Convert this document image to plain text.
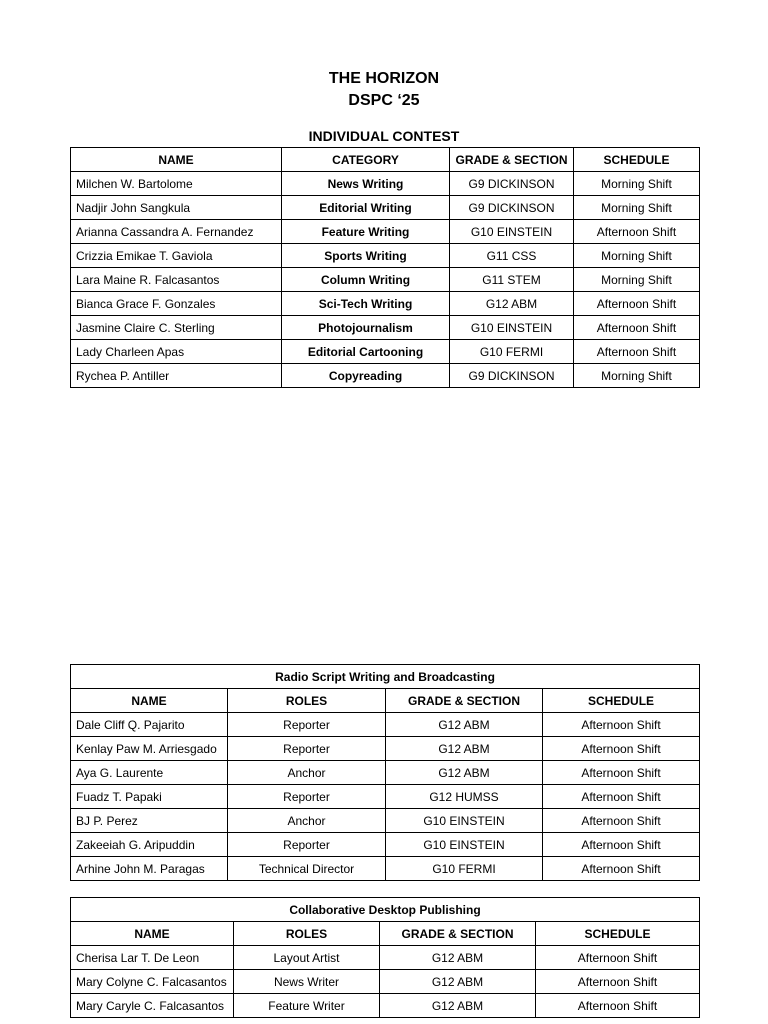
THE HORIZON
DSPC ‘25
INDIVIDUAL CONTEST
NAME	CATEGORY	GRADE & SECTION	SCHEDULE
Milchen W. Bartolome	News Writing	G9 DICKINSON	Morning Shift
Nadjir John Sangkula	Editorial Writing	G9 DICKINSON	Morning Shift
Arianna Cassandra A. Fernandez	Feature Writing	G10 EINSTEIN	Afternoon Shift
Crizzia Emikae T. Gaviola	Sports Writing	G11 CSS	Morning Shift
Lara Maine R. Falcasantos	Column Writing	G11 STEM	Morning Shift
Bianca Grace F. Gonzales	Sci-Tech Writing	G12 ABM	Afternoon Shift
Jasmine Claire C. Sterling	Photojournalism	G10 EINSTEIN	Afternoon Shift
Lady Charleen Apas	Editorial Cartooning	G10 FERMI	Afternoon Shift
Rychea P. Antiller	Copyreading	G9 DICKINSON	Morning Shift
Radio Script Writing and Broadcasting			
NAME	ROLES	GRADE & SECTION	SCHEDULE
Dale Cliff Q. Pajarito	Reporter	G12 ABM	Afternoon Shift
Kenlay Paw M. Arriesgado	Reporter	G12 ABM	Afternoon Shift
Aya G. Laurente	Anchor	G12 ABM	Afternoon Shift
Fuadz T. Papaki	Reporter	G12 HUMSS	Afternoon Shift
BJ P. Perez	Anchor	G10 EINSTEIN	Afternoon Shift
Zakeeiah G. Aripuddin	Reporter	G10 EINSTEIN	Afternoon Shift
Arhine John M. Paragas	Technical Director	G10 FERMI	Afternoon Shift
Collaborative Desktop Publishing			
NAME	ROLES	GRADE & SECTION	SCHEDULE
Cherisa Lar T. De Leon	Layout Artist	G12 ABM	Afternoon Shift
Mary Colyne C. Falcasantos	News Writer	G12 ABM	Afternoon Shift
Mary Caryle C. Falcasantos	Feature Writer	G12 ABM	Afternoon Shift
